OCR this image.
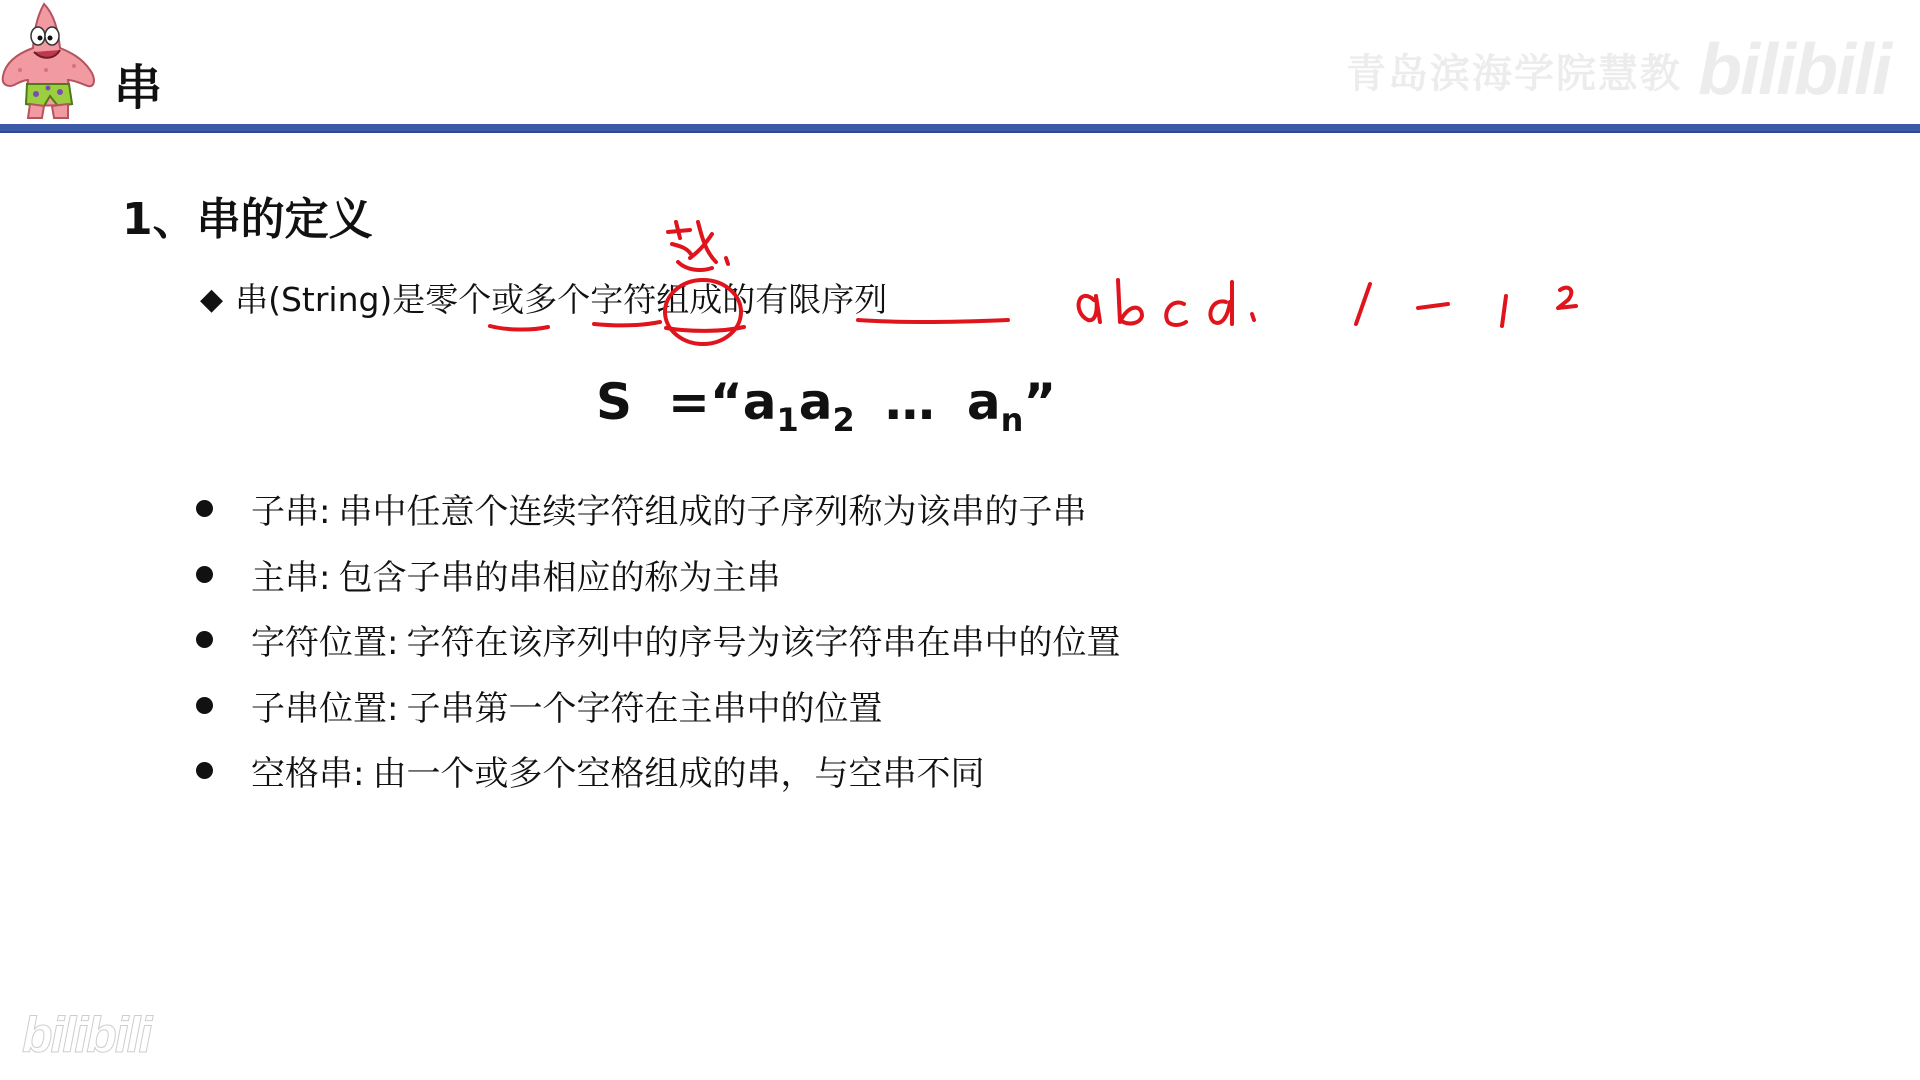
串	青岛滨海学院慧教 bilibili
1、串的定义
◆ 串(String)是零个或多个字符组成的有限序列
$S =“a_1a_2$ … $a_n$”
子串: 串中任意个连续字符组成的子序列称为该串的子串
主串: 包含子串的串相应的称为主串
字符位置: 字符在该序列中的序号为该字符串在串中的位置
子串位置: 子串第一个字符在主串中的位置
空格串: 由一个或多个空格组成的串，与空串不同
bilibili
